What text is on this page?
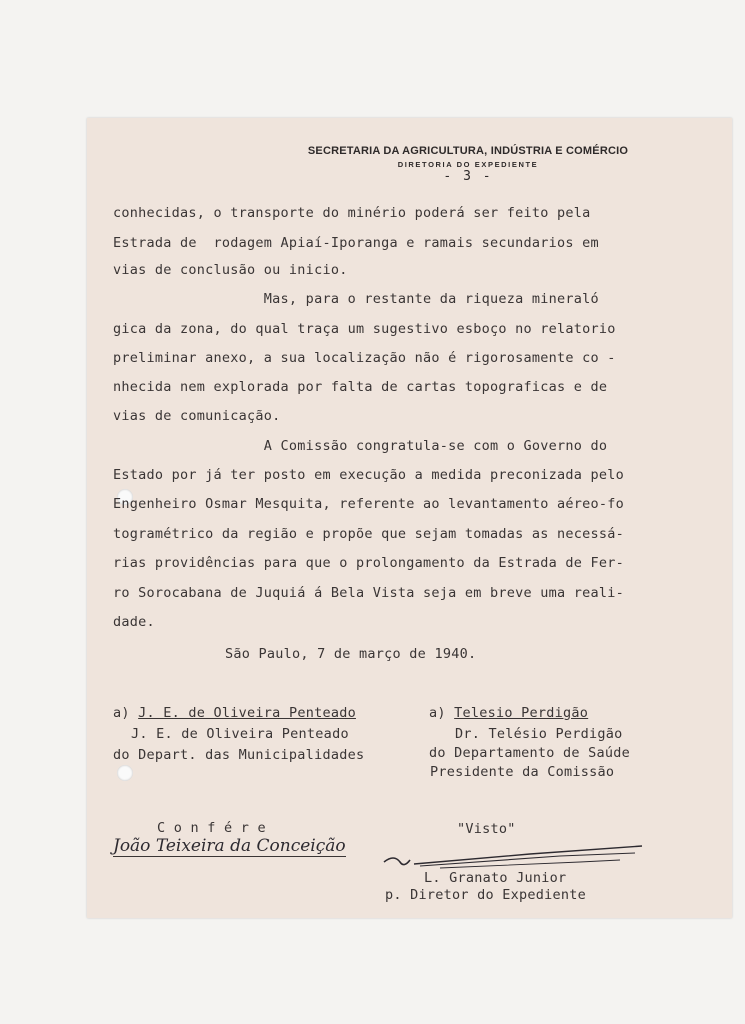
SECRETARIA DA AGRICULTURA, INDÚSTRIA E COMÉRCIO
DIRETORIA DO EXPEDIENTE
- 3 -
conhecidas, o transporte do minério poderá ser feito pela
Estrada de  rodagem Apiaí-Iporanga e ramais secundarios em
vias de conclusão ou inicio.
Mas, para o restante da riqueza mineraló
gica da zona, do qual traça um sugestivo esboço no relatorio
preliminar anexo, a sua localização não é rigorosamente co -
nhecida nem explorada por falta de cartas topograficas e de
vias de comunicação.
A Comissão congratula-se com o Governo do
Estado por já ter posto em execução a medida preconizada pelo
Engenheiro Osmar Mesquita, referente ao levantamento aéreo-fo
togramétrico da região e propõe que sejam tomadas as necessá-
rias providências para que o prolongamento da Estrada de Fer-
ro Sorocabana de Juquiá á Bela Vista seja em breve uma reali-
dade.
São Paulo, 7 de março de 1940.
a) J. E. de Oliveira Penteado
J. E. de Oliveira Penteado
do Depart. das Municipalidades
a) Telesio Perdigão
Dr. Telésio Perdigão
do Departamento de Saúde
Presidente da Comissão
C o n f é r e
João Teixeira da Conceição
"Visto"
L. Granato Junior
p. Diretor do Expediente
